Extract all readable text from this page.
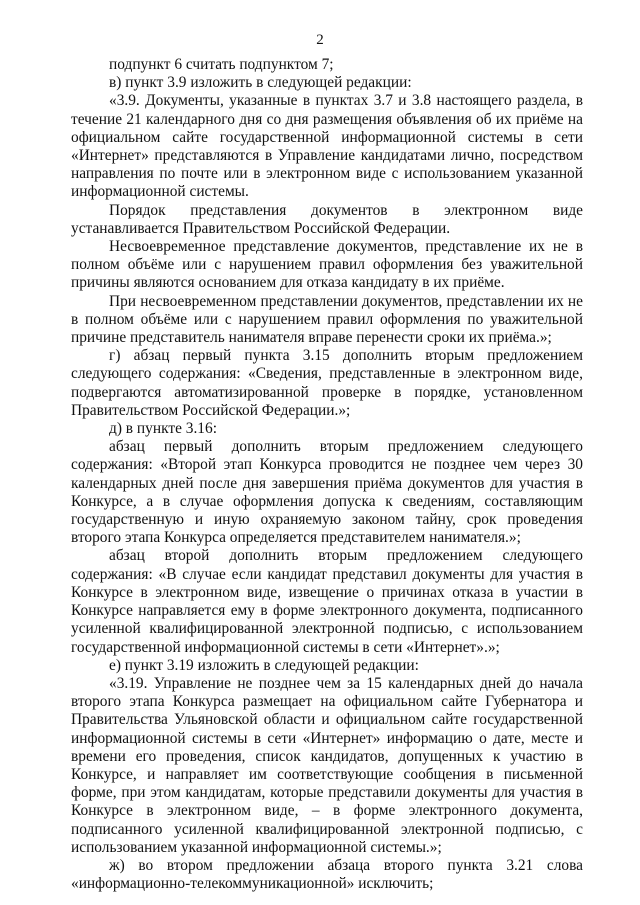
2

подпункт 6 считать подпунктом 7;

в) пункт 3.9 изложить в следующей редакции:

«3.9. Документы, указанные в пунктах 3.7 и 3.8 настоящего раздела, в течение 21 календарного дня со дня размещения объявления об их приёме на официальном сайте государственной информационной системы в сети «Интернет» представляются в Управление кандидатами лично, посредством направления по почте или в электронном виде с использованием указанной информационной системы.

Порядок представления документов в электронном виде устанавливается Правительством Российской Федерации.

Несвоевременное представление документов, представление их не в полном объёме или с нарушением правил оформления без уважительной причины являются основанием для отказа кандидату в их приёме.

При несвоевременном представлении документов, представлении их не в полном объёме или с нарушением правил оформления по уважительной причине представитель нанимателя вправе перенести сроки их приёма.»;

г) абзац первый пункта 3.15 дополнить вторым предложением следующего содержания: «Сведения, представленные в электронном виде, подвергаются автоматизированной проверке в порядке, установленном Правительством Российской Федерации.»;

д) в пункте 3.16:

абзац первый дополнить вторым предложением следующего содержания: «Второй этап Конкурса проводится не позднее чем через 30 календарных дней после дня завершения приёма документов для участия в Конкурсе, а в случае оформления допуска к сведениям, составляющим государственную и иную охраняемую законом тайну, срок проведения второго этапа Конкурса определяется представителем нанимателя.»;

абзац второй дополнить вторым предложением следующего содержания: «В случае если кандидат представил документы для участия в Конкурсе в электронном виде, извещение о причинах отказа в участии в Конкурсе направляется ему в форме электронного документа, подписанного усиленной квалифицированной электронной подписью, с использованием государственной информационной системы в сети «Интернет».»;

е) пункт 3.19 изложить в следующей редакции:

«3.19. Управление не позднее чем за 15 календарных дней до начала второго этапа Конкурса размещает на официальном сайте Губернатора и Правительства Ульяновской области и официальном сайте государственной информационной системы в сети «Интернет» информацию о дате, месте и времени его проведения, список кандидатов, допущенных к участию в Конкурсе, и направляет им соответствующие сообщения в письменной форме, при этом кандидатам, которые представили документы для участия в Конкурсе в электронном виде, – в форме электронного документа, подписанного усиленной квалифицированной электронной подписью, с использованием указанной информационной системы.»;

ж) во втором предложении абзаца второго пункта 3.21 слова «информационно-телекоммуникационной» исключить;
